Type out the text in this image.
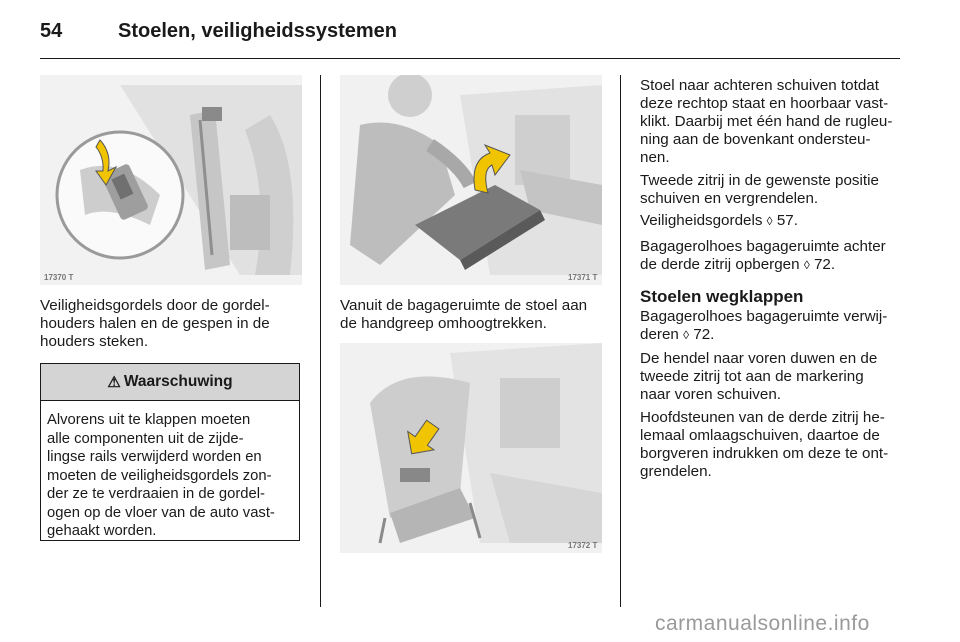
54	Stoelen, veiligheidssystemen
17370 T	17371 T
17372 T

Veiligheidsgordels door de gordel-
houders halen en de gespen in de
houders steken.

⚠ Waarschuwing
Alvorens uit te klappen moeten
alle componenten uit de zijde-
lingse rails verwijderd worden en
moeten de veiligheidsgordels zon-
der ze te verdraaien in de gordel-
ogen op de vloer van de auto vast-
gehaakt worden.

Vanuit de bagageruimte de stoel aan
de handgreep omhoogtrekken.

Stoel naar achteren schuiven totdat
deze rechtop staat en hoorbaar vast-
klikt. Daarbij met één hand de rugleu-
ning aan de bovenkant ondersteu-
nen.

Tweede zitrij in de gewenste positie
schuiven en vergrendelen.

Veiligheidsgordels ◊ 57.

Bagagerolhoes bagageruimte achter
de derde zitrij opbergen ◊ 72.

Stoelen wegklappen

Bagagerolhoes bagageruimte verwij-
deren ◊ 72.

De hendel naar voren duwen en de
tweede zitrij tot aan de markering
naar voren schuiven.

Hoofdsteunen van de derde zitrij he-
lemaal omlaagschuiven, daartoe de
borgveren indrukken om deze te ont-
grendelen.

carmanualsonline.info
